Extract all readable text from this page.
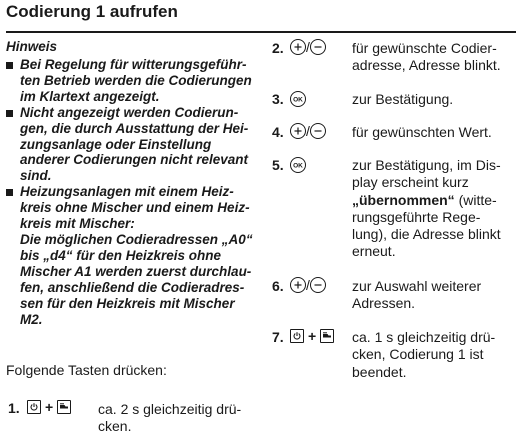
Codierung 1 aufrufen
Hinweis
Bei Regelung für witterungsgeführ-
ten Betrieb werden die Codierungen
im Klartext angezeigt.
Nicht angezeigt werden Codierun-
gen, die durch Ausstattung der Hei-
zungsanlage oder Einstellung
anderer Codierungen nicht relevant
sind.
Heizungsanlagen mit einem Heiz-
kreis ohne Mischer und einem Heiz-
kreis mit Mischer:
Die möglichen Codieradressen „A0“
bis „d4“ für den Heizkreis ohne
Mischer A1 werden zuerst durchlau-
fen, anschließend die Codieradres-
sen für den Heizkreis mit Mischer
M2.
Folgende Tasten drücken:
1. +	ca. 2 s gleichzeitig drü-
cken.
2. /	für gewünschte Codier-
adresse, Adresse blinkt.
3. OK	zur Bestätigung.
4. /	für gewünschten Wert.
5. OK	zur Bestätigung, im Dis-
play erscheint kurz
„übernommen“ (witte-
rungsgeführte Rege-
lung), die Adresse blinkt
erneut.
6. /	zur Auswahl weiterer
Adressen.
7. +	ca. 1 s gleichzeitig drü-
cken, Codierung 1 ist
beendet.
